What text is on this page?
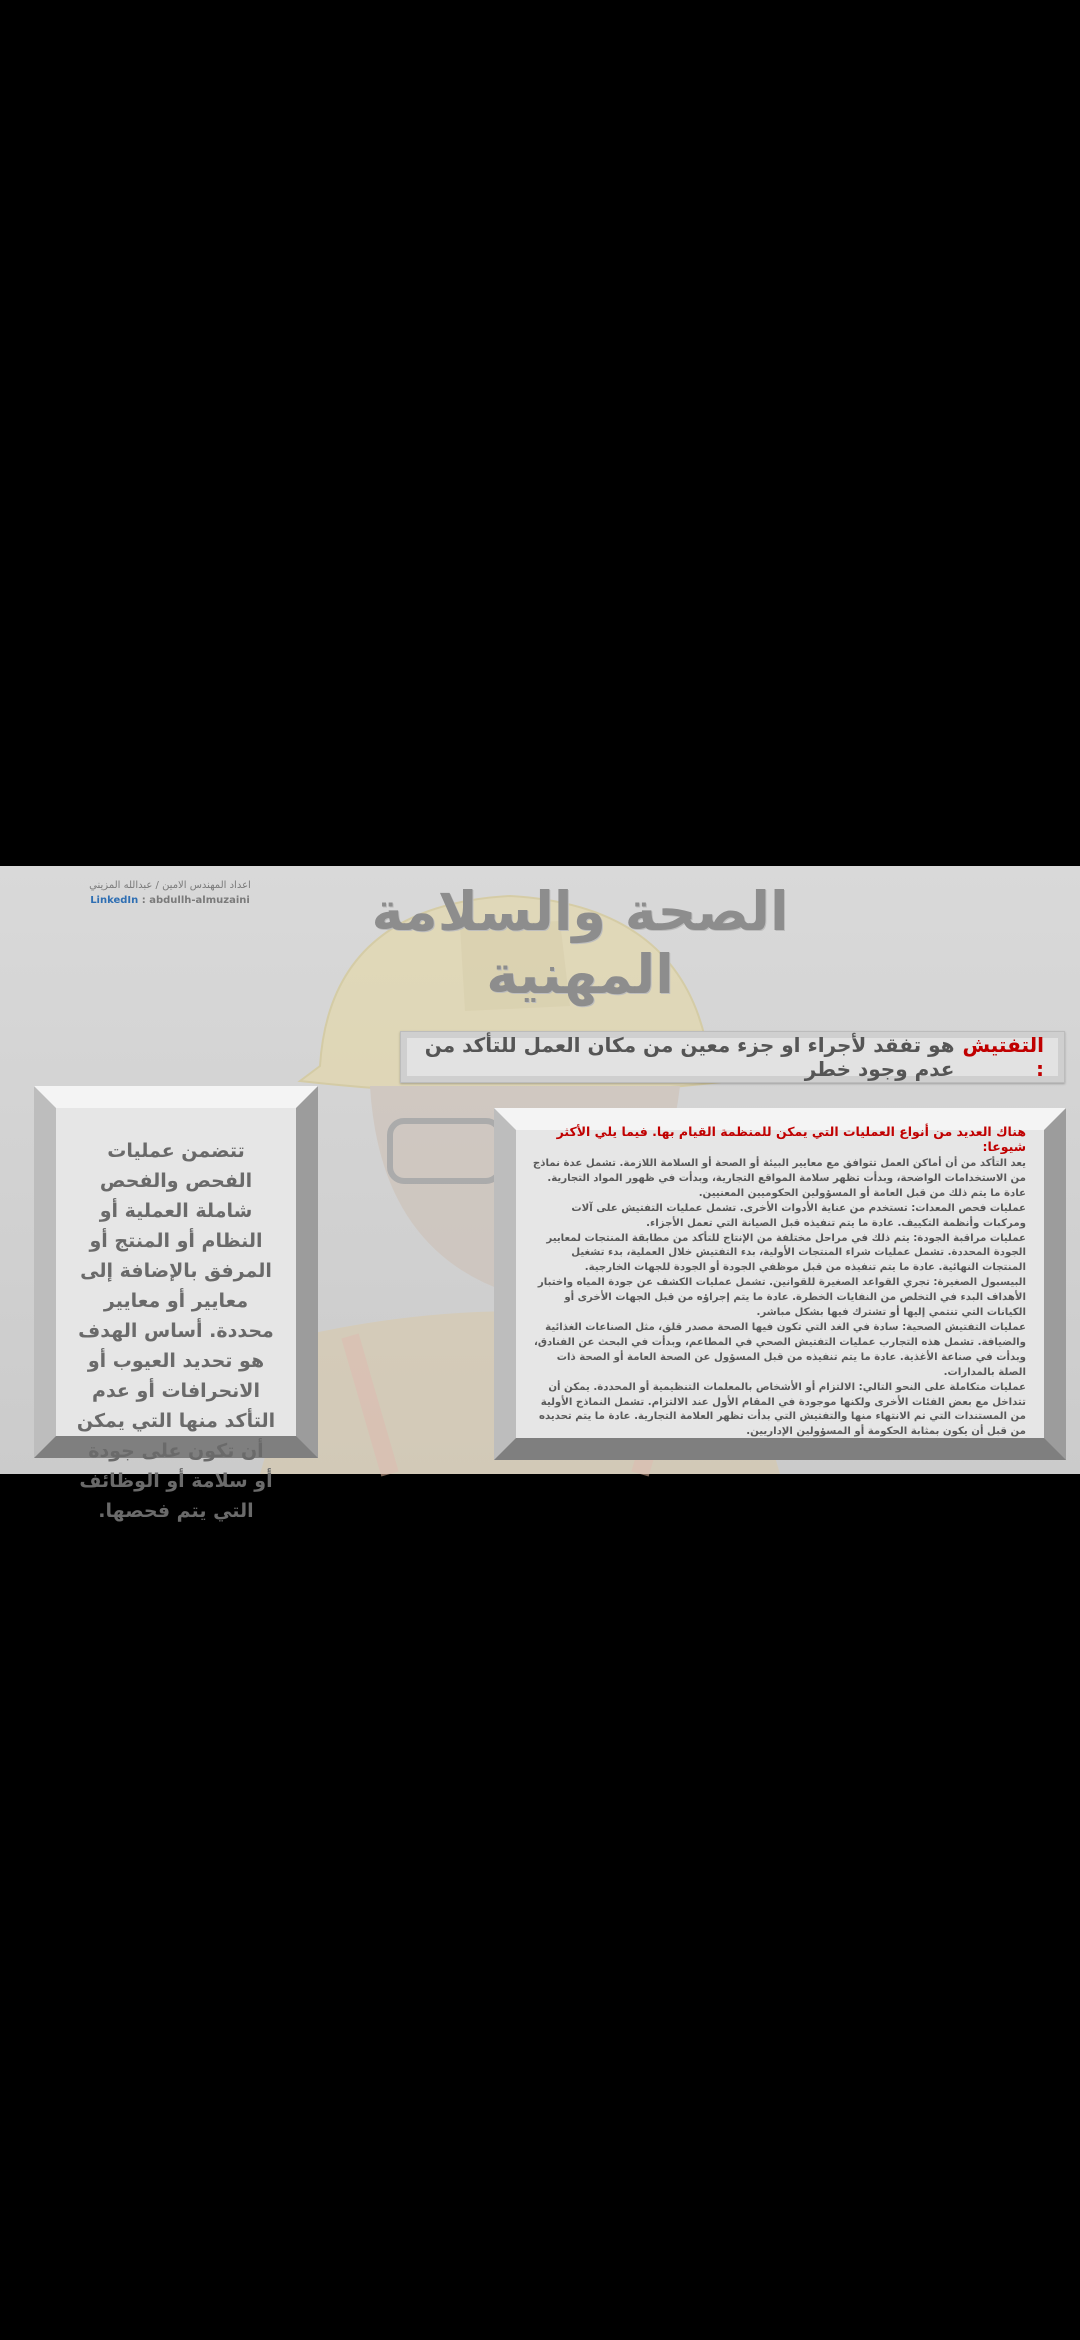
اعداد المهندس الامين / عبدالله المزيني
LinkedIn : abdullh-almuzaini	الصحة والسلامة المهنية
التفتيش :
هو تفقد لأجراء او جزء معين من مكان العمل للتأكد من عدم وجود خطر
تتضمن عمليات الفحص والفحص شاملة العملية أو النظام أو المنتج أو المرفق بالإضافة إلى معايير أو معايير محددة. أساس الهدف هو تحديد العيوب أو الانحرافات أو عدم التأكد منها التي يمكن أن تكون على جودة أو سلامة أو الوظائف التي يتم فحصها.
هناك العديد من أنواع العمليات التي يمكن للمنظمة القيام بها. فيما يلي الأكثر شيوعا:

يعد التأكد من أن أماكن العمل تتوافق مع معايير البيئة أو الصحة أو السلامة اللازمة. تشمل عدة نماذج من الاستخدامات الواضحة، وبدأت تظهر سلامة المواقع التجارية، وبدأت في ظهور المواد التجارية. عادة ما يتم ذلك من قبل العامة أو المسؤولين الحكوميين المعنيين.

عمليات فحص المعدات: تستخدم من عناية الأدوات الأخرى. تشمل عمليات التفتيش على آلات ومركبات وأنظمة التكييف. عادة ما يتم تنفيذه قبل الصيانة التي تعمل الأجزاء.

عمليات مراقبة الجودة: يتم ذلك في مراحل مختلفة من الإنتاج للتأكد من مطابقة المنتجات لمعايير الجودة المحددة. تشمل عمليات شراء المنتجات الأولية، بدء التفتيش خلال العملية، بدء تشغيل المنتجات النهائية. عادة ما يتم تنفيذه من قبل موظفي الجودة أو الجودة للجهات الخارجية.

البيسبول الصغيرة: تجري القواعد الصغيرة للقوانين. تشمل عمليات الكشف عن جودة المياه واختبار الأهداف البدء في التخلص من النفايات الخطرة. عادة ما يتم إجراؤه من قبل الجهات الأخرى أو الكيانات التي تنتمي إليها أو تشترك فيها بشكل مباشر.

عمليات التفتيش الصحية: سادة في الغد التي تكون فيها الصحة مصدر قلق، مثل الصناعات الغذائية والضيافة. تشمل هذه التجارب عمليات التفتيش الصحي في المطاعم، وبدأت في البحث عن الفنادق، وبدأت في صناعة الأغذية. عادة ما يتم تنفيذه من قبل المسؤول عن الصحة العامة أو الصحة ذات الصلة بالمدارات.

عمليات متكاملة على النحو التالي: الالتزام أو الأشخاص بالمعلمات التنظيمية أو المحددة. يمكن أن تتداخل مع بعض الفئات الأخرى ولكنها موجودة في المقام الأول عند الالتزام. تشمل النماذج الأولية من المستندات التي تم الانتهاء منها والتفتيش التي بدأت تظهر العلامة التجارية. عادة ما يتم تحديده من قبل أن يكون بمثابة الحكومة أو المسؤولين الإداريين.
